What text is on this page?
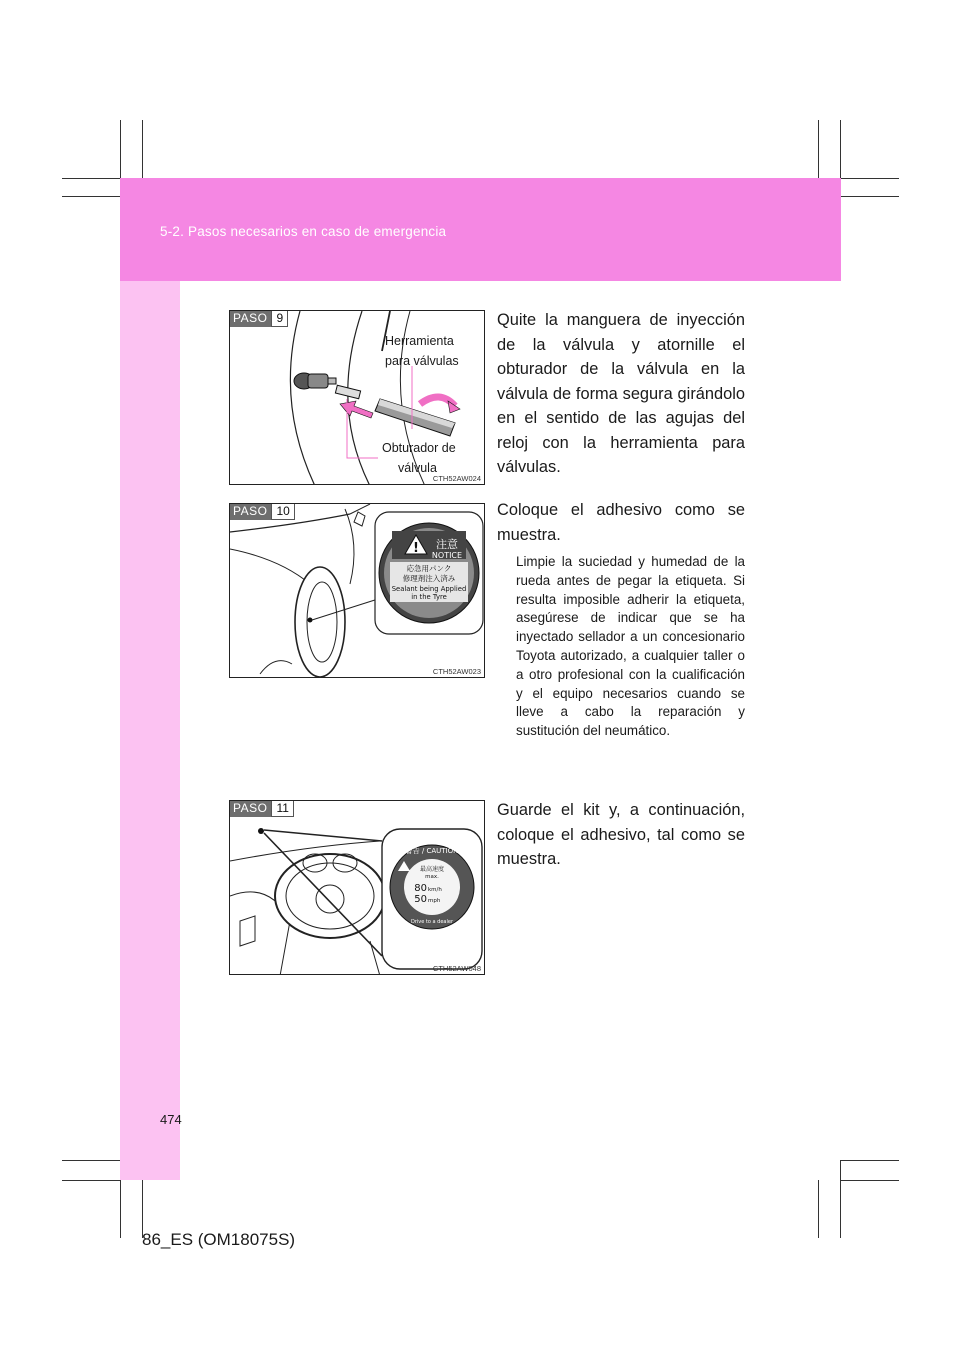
5-2. Pasos necesarios en caso de emergencia
PASO 9
Herramienta
para válvulas
Obturador de
válvula
CTH52AW024

Quite la manguera de inyección de la válvula y atornille el obturador de la válvula en la válvula de forma segura girándolo en el sentido de las agujas del reloj con la herramienta para válvulas.

PASO 10
! 注意
NOTICE
応急用パンク
修理剤注入済み
Sealant being Applied
in the Tyre
CTH52AW023

Coloque el adhesivo como se muestra.

Limpie la suciedad y humedad de la rueda antes de pegar la etiqueta. Si resulta imposible adherir la etiqueta, asegúrese de indicar que se ha inyectado sellador a un concesionario Toyota autorizado, a cualquier taller o a otro profesional con la cualificación y el equipo necesarios cuando se lleve a cabo la reparación y sustitución del neumático.

PASO 11
警告 / CAUTION
最高速度
max.
80 km/h
50 mph
Drive to a dealer
CTH52AW048

Guarde el kit y, a continuación, coloque el adhesivo, tal como se muestra.

474
86_ES (OM18075S)
